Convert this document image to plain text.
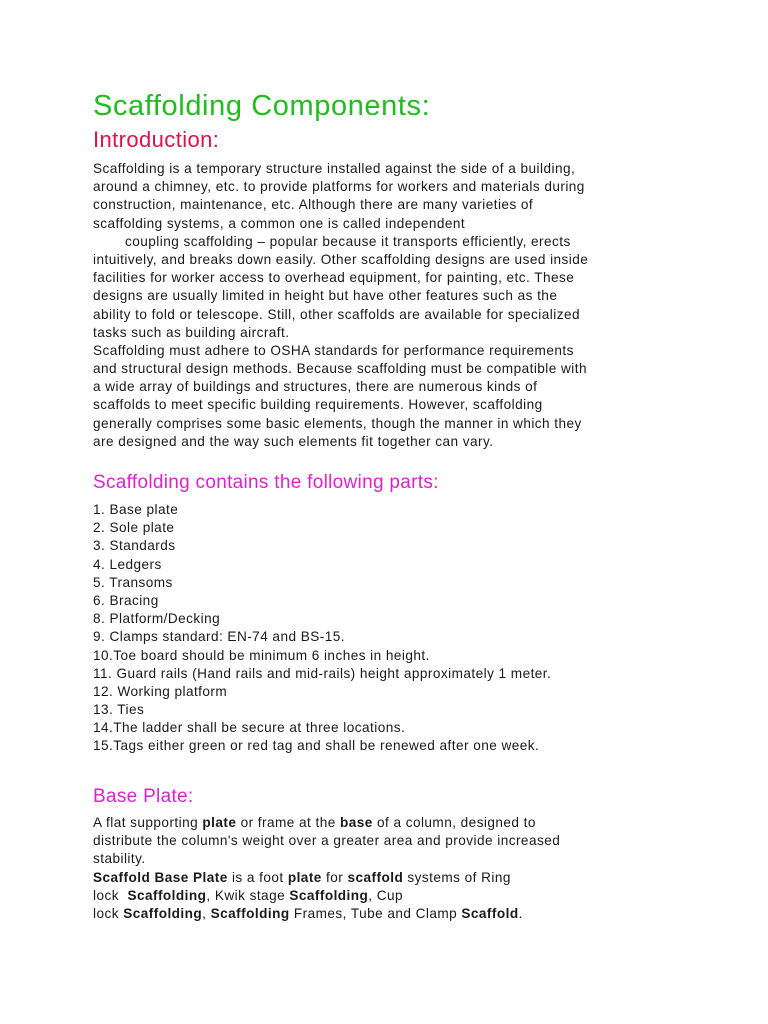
Scaffolding Components:
Introduction:
Scaffolding is a temporary structure installed against the side of a building,
around a chimney, etc. to provide platforms for workers and materials during
construction, maintenance, etc. Although there are many varieties of
scaffolding systems, a common one is called independent
coupling scaffolding – popular because it transports efficiently, erects
intuitively, and breaks down easily. Other scaffolding designs are used inside
facilities for worker access to overhead equipment, for painting, etc. These
designs are usually limited in height but have other features such as the
ability to fold or telescope. Still, other scaffolds are available for specialized
tasks such as building aircraft.
Scaffolding must adhere to OSHA standards for performance requirements
and structural design methods. Because scaffolding must be compatible with
a wide array of buildings and structures, there are numerous kinds of
scaffolds to meet specific building requirements. However, scaffolding
generally comprises some basic elements, though the manner in which they
are designed and the way such elements fit together can vary.
Scaffolding contains the following parts:
1. Base plate
2. Sole plate
3. Standards
4. Ledgers
5. Transoms
6. Bracing
8. Platform/Decking
9. Clamps standard: EN-74 and BS-15.
10.Toe board should be minimum 6 inches in height.
11. Guard rails (Hand rails and mid-rails) height approximately 1 meter.
12. Working platform
13. Ties
14.The ladder shall be secure at three locations.
15.Tags either green or red tag and shall be renewed after one week.
Base Plate:
A flat supporting plate or frame at the base of a column, designed to
distribute the column's weight over a greater area and provide increased
stability.
Scaffold Base Plate is a foot plate for scaffold systems of Ring
lock  Scaffolding, Kwik stage Scaffolding, Cup
lock Scaffolding, Scaffolding Frames, Tube and Clamp Scaffold.
